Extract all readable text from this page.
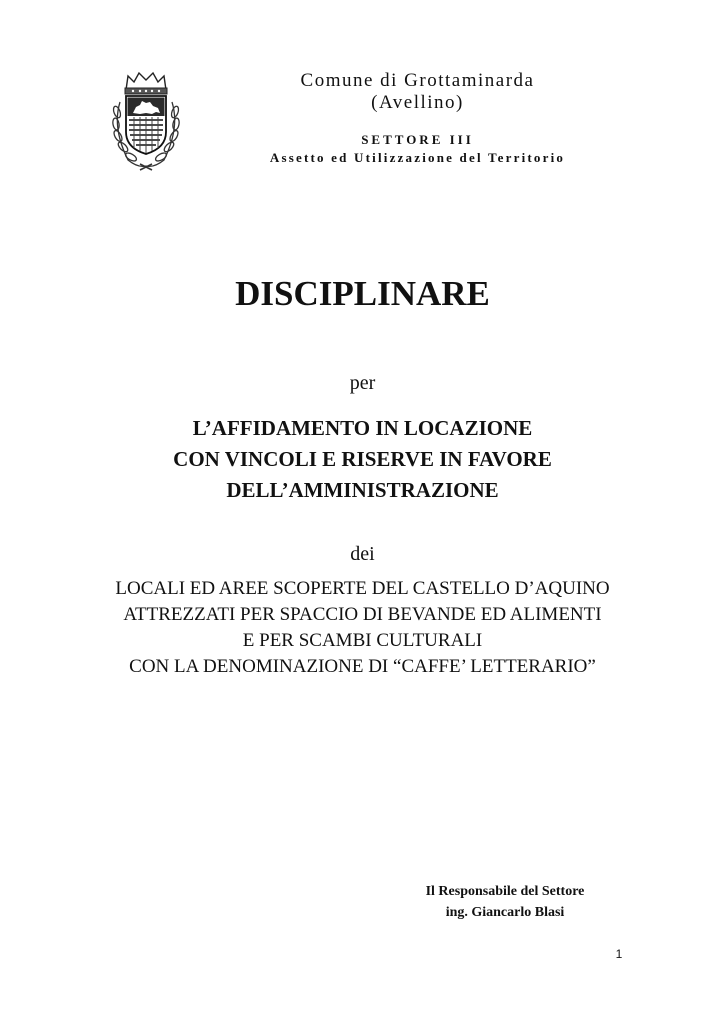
Comune di Grottaminarda
(Avellino)
SETTORE III
Assetto ed Utilizzazione del Territorio
DISCIPLINARE
per
L’AFFIDAMENTO IN LOCAZIONE
CON VINCOLI E RISERVE IN FAVORE
DELL’AMMINISTRAZIONE
dei
LOCALI ED AREE SCOPERTE DEL CASTELLO D’AQUINO
ATTREZZATI PER SPACCIO DI BEVANDE ED ALIMENTI
E PER SCAMBI CULTURALI
CON LA DENOMINAZIONE DI “CAFFE’ LETTERARIO”
Il Responsabile del Settore
ing. Giancarlo Blasi
1
